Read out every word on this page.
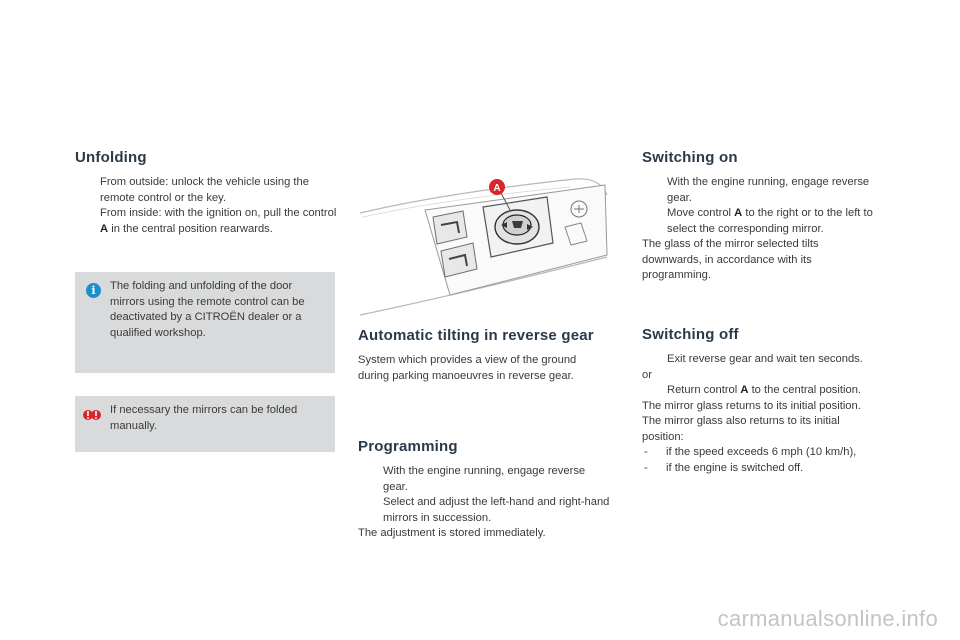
Unfolding
From outside: unlock the vehicle using the remote control or the key.
From inside: with the ignition on, pull the control A in the central position rearwards.
i	The folding and unfolding of the door mirrors using the remote control can be deactivated by a CITROËN dealer or a qualified workshop.
If necessary the mirrors can be folded manually.
A
Automatic tilting in reverse gear

System which provides a view of the ground during parking manoeuvres in reverse gear.

Programming
With the engine running, engage reverse gear.
Select and adjust the left-hand and right-hand mirrors in succession.

The adjustment is stored immediately.

Switching on
With the engine running, engage reverse gear.
Move control A to the right or to the left to select the corresponding mirror.

The glass of the mirror selected tilts downwards, in accordance with its programming.

Switching off
Exit reverse gear and wait ten seconds.

or

Return control A to the central position.

The mirror glass returns to its initial position.

The mirror glass also returns to its initial position:

- if the speed exceeds 6 mph (10 km/h),
- if the engine is switched off.
carmanualsonline.info
